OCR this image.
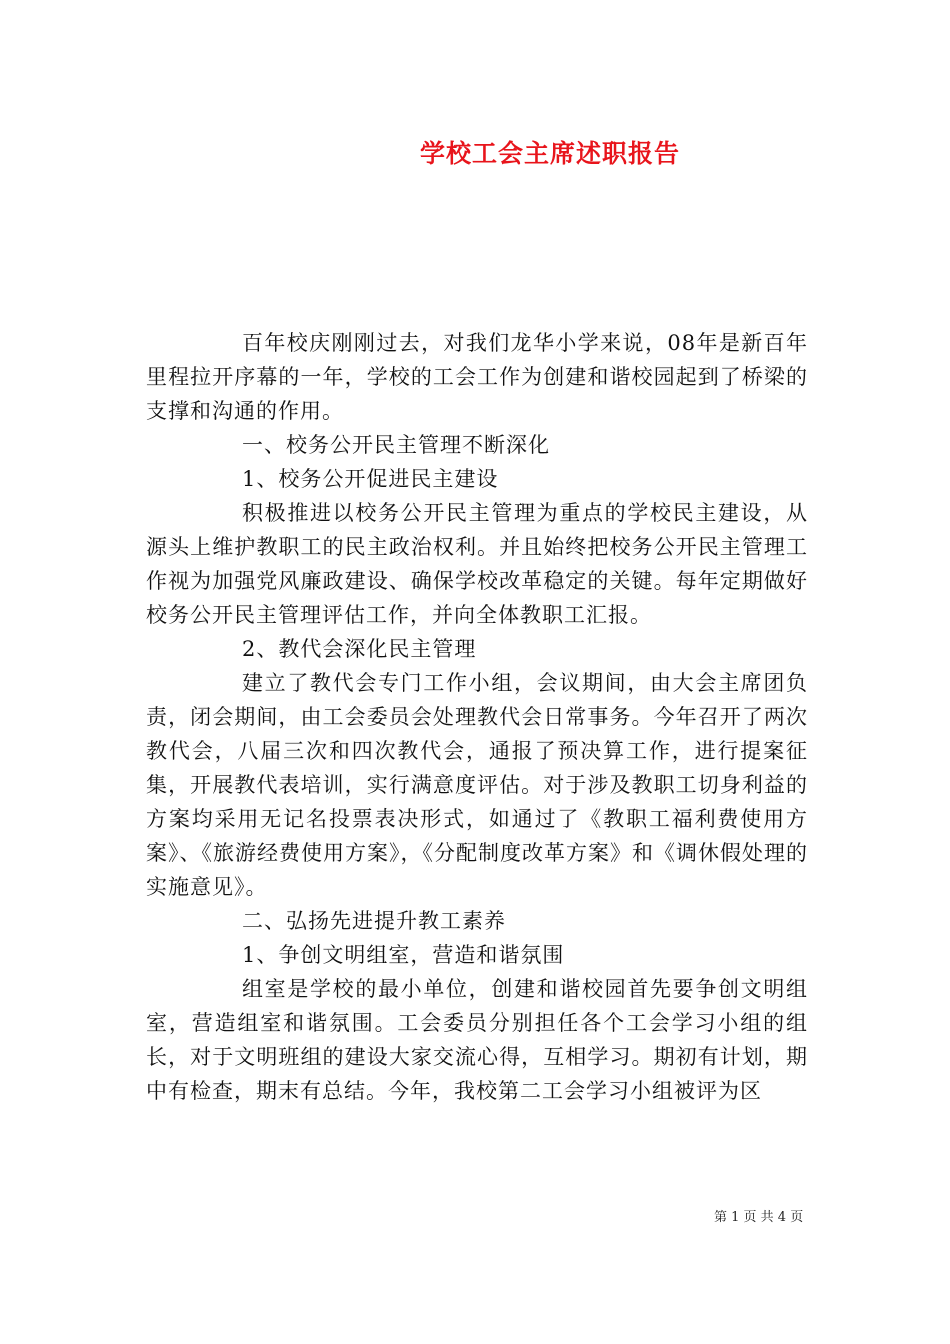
学校工会主席述职报告

百年校庆刚刚过去，对我们龙华小学来说，08年是新百年里程拉开序幕的一年，学校的工会工作为创建和谐校园起到了桥梁的支撑和沟通的作用。

一、校务公开民主管理不断深化

1、校务公开促进民主建设

积极推进以校务公开民主管理为重点的学校民主建设，从源头上维护教职工的民主政治权利。并且始终把校务公开民主管理工作视为加强党风廉政建设、确保学校改革稳定的关键。每年定期做好校务公开民主管理评估工作，并向全体教职工汇报。

2、教代会深化民主管理

建立了教代会专门工作小组，会议期间，由大会主席团负责，闭会期间，由工会委员会处理教代会日常事务。今年召开了两次教代会，八届三次和四次教代会，通报了预决算工作，进行提案征集，开展教代表培训，实行满意度评估。对于涉及教职工切身利益的方案均采用无记名投票表决形式，如通过了《教职工福利费使用方案》、《旅游经费使用方案》，《分配制度改革方案》和《调休假处理的实施意见》。

二、弘扬先进提升教工素养

1、争创文明组室，营造和谐氛围

组室是学校的最小单位，创建和谐校园首先要争创文明组室，营造组室和谐氛围。工会委员分别担任各个工会学习小组的组长，对于文明班组的建设大家交流心得，互相学习。期初有计划，期中有检查，期末有总结。今年，我校第二工会学习小组被评为区

第 1 页 共 4 页
